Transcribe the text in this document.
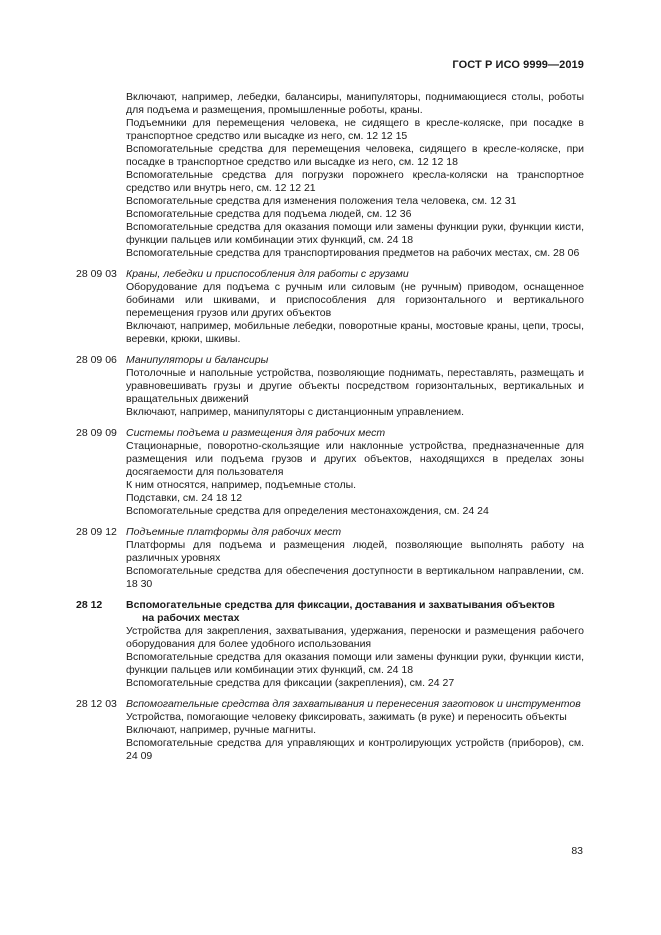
ГОСТ Р ИСО 9999—2019
Включают, например, лебедки, балансиры, манипуляторы, поднимающиеся столы, роботы для подъема и размещения, промышленные роботы, краны.
Подъемники для перемещения человека, не сидящего в кресле-коляске, при посадке в транспортное средство или высадке из него, см. 12 12 15
Вспомогательные средства для перемещения человека, сидящего в кресле-коляске, при посадке в транспортное средство или высадке из него, см. 12 12 18
Вспомогательные средства для погрузки порожнего кресла-коляски на транспортное средство или внутрь него, см. 12 12 21
Вспомогательные средства для изменения положения тела человека, см. 12 31
Вспомогательные средства для подъема людей, см. 12 36
Вспомогательные средства для оказания помощи или замены функции руки, функции кисти, функции пальцев или комбинации этих функций, см. 24 18
Вспомогательные средства для транспортирования предметов на рабочих местах, см. 28 06
28 09 03 Краны, лебедки и приспособления для работы с грузами
Оборудование для подъема с ручным или силовым (не ручным) приводом, оснащенное бобинами или шкивами, и приспособления для горизонтального и вертикального перемещения грузов или других объектов
Включают, например, мобильные лебедки, поворотные краны, мостовые краны, цепи, тросы, веревки, крюки, шкивы.
28 09 06 Манипуляторы и балансиры
Потолочные и напольные устройства, позволяющие поднимать, переставлять, размещать и уравновешивать грузы и другие объекты посредством горизонтальных, вертикальных и вращательных движений
Включают, например, манипуляторы с дистанционным управлением.
28 09 09 Системы подъема и размещения для рабочих мест
Стационарные, поворотно-скользящие или наклонные устройства, предназначенные для размещения или подъема грузов и других объектов, находящихся в пределах зоны досягаемости для пользователя
К ним относятся, например, подъемные столы.
Подставки, см. 24 18 12
Вспомогательные средства для определения местонахождения, см. 24 24
28 09 12 Подъемные платформы для рабочих мест
Платформы для подъема и размещения людей, позволяющие выполнять работу на различных уровнях
Вспомогательные средства для обеспечения доступности в вертикальном направлении, см. 18 30
28 12	Вспомогательные средства для фиксации, доставания и захватывания объектов
на рабочих местах
Устройства для закрепления, захватывания, удержания, переноски и размещения рабочего оборудования для более удобного использования
Вспомогательные средства для оказания помощи или замены функции руки, функции кисти, функции пальцев или комбинации этих функций, см. 24 18
Вспомогательные средства для фиксации (закрепления), см. 24 27
28 12 03 Вспомогательные средства для захватывания и перенесения заготовок и инструментов
Устройства, помогающие человеку фиксировать, зажимать (в руке) и переносить объекты
Включают, например, ручные магниты.
Вспомогательные средства для управляющих и контролирующих устройств (приборов), см. 24 09
83
